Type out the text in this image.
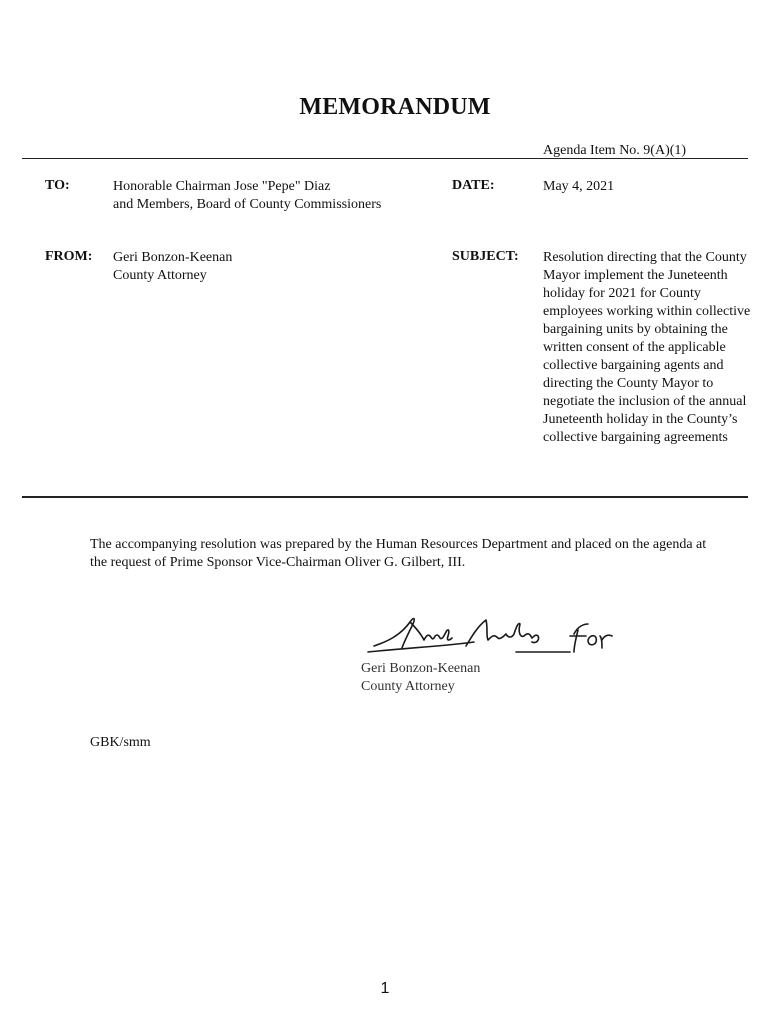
MEMORANDUM
Agenda Item No. 9(A)(1)
TO:	Honorable Chairman Jose "Pepe" Diaz
and Members, Board of County Commissioners
DATE:	May 4, 2021
FROM: Geri Bonzon-Keenan
County Attorney
SUBJECT: Resolution directing that the County Mayor implement the Juneteenth holiday for 2021 for County employees working within collective bargaining units by obtaining the written consent of the applicable collective bargaining agents and directing the County Mayor to negotiate the inclusion of the annual Juneteenth holiday in the County’s collective bargaining agreements
The accompanying resolution was prepared by the Human Resources Department and placed on the agenda at the request of Prime Sponsor Vice-Chairman Oliver G. Gilbert, III.
Geri Bonzon-Keenan
County Attorney
GBK/smm
1
